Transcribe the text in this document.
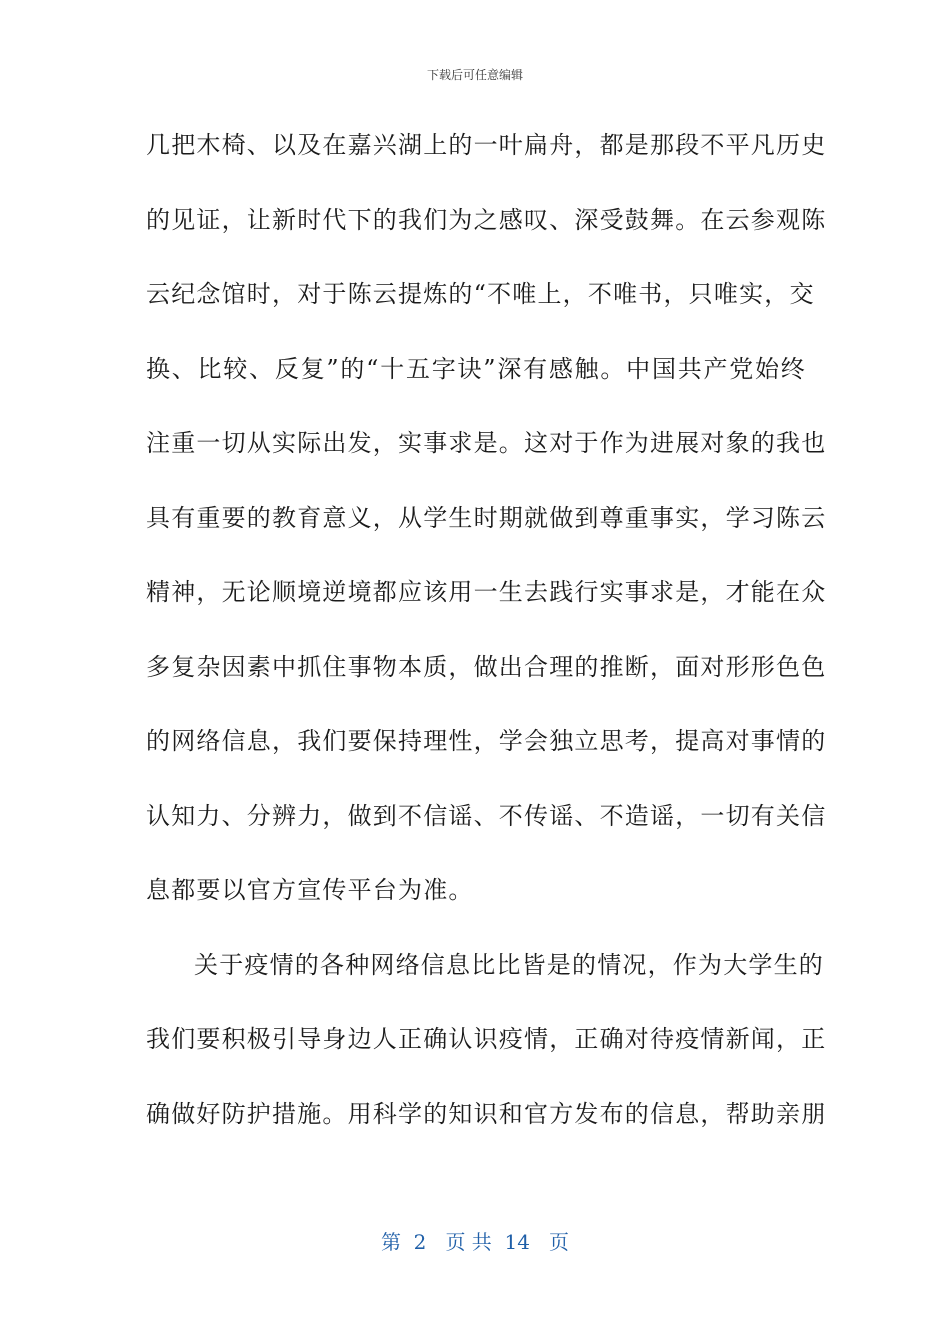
下载后可任意编辑
几把木椅、以及在嘉兴湖上的一叶扁舟，都是那段不平凡历史
的见证，让新时代下的我们为之感叹、深受鼓舞。在云参观陈
云纪念馆时，对于陈云提炼的“不唯上，不唯书，只唯实，交
换、比较、反复”的“十五字诀”深有感触。中国共产党始终
注重一切从实际出发，实事求是。这对于作为进展对象的我也
具有重要的教育意义，从学生时期就做到尊重事实，学习陈云
精神，无论顺境逆境都应该用一生去践行实事求是，才能在众
多复杂因素中抓住事物本质，做出合理的推断，面对形形色色
的网络信息，我们要保持理性，学会独立思考，提高对事情的
认知力、分辨力，做到不信谣、不传谣、不造谣，一切有关信
息都要以官方宣传平台为准。
关于疫情的各种网络信息比比皆是的情况，作为大学生的
我们要积极引导身边人正确认识疫情，正确对待疫情新闻，正
确做好防护措施。用科学的知识和官方发布的信息，帮助亲朋
第  2   页 共  14   页
